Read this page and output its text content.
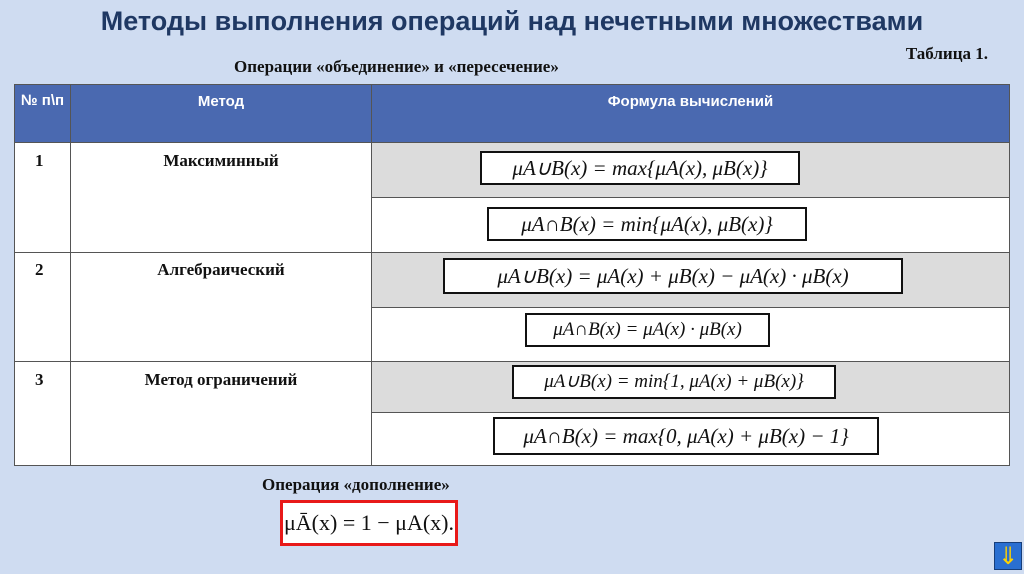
Методы выполнения операций над нечетными множествами
Таблица 1.
Операции «объединение» и «пересечение»
№ п\п	Метод	Формула вычислений
1	Максиминный	μA∪B(x) = max{μA(x), μB(x)}
μA∩B(x) = min{μA(x), μB(x)}
2	Алгебраический	μA∪B(x) = μA(x) + μB(x) − μA(x) · μB(x)
μA∩B(x) = μA(x) · μB(x)
3	Метод ограничений	μA∪B(x) = min{1, μA(x) + μB(x)}
μA∩B(x) = max{0, μA(x) + μB(x) − 1}
Операция «дополнение»
μĀ(x) = 1 − μA(x).
⇓
